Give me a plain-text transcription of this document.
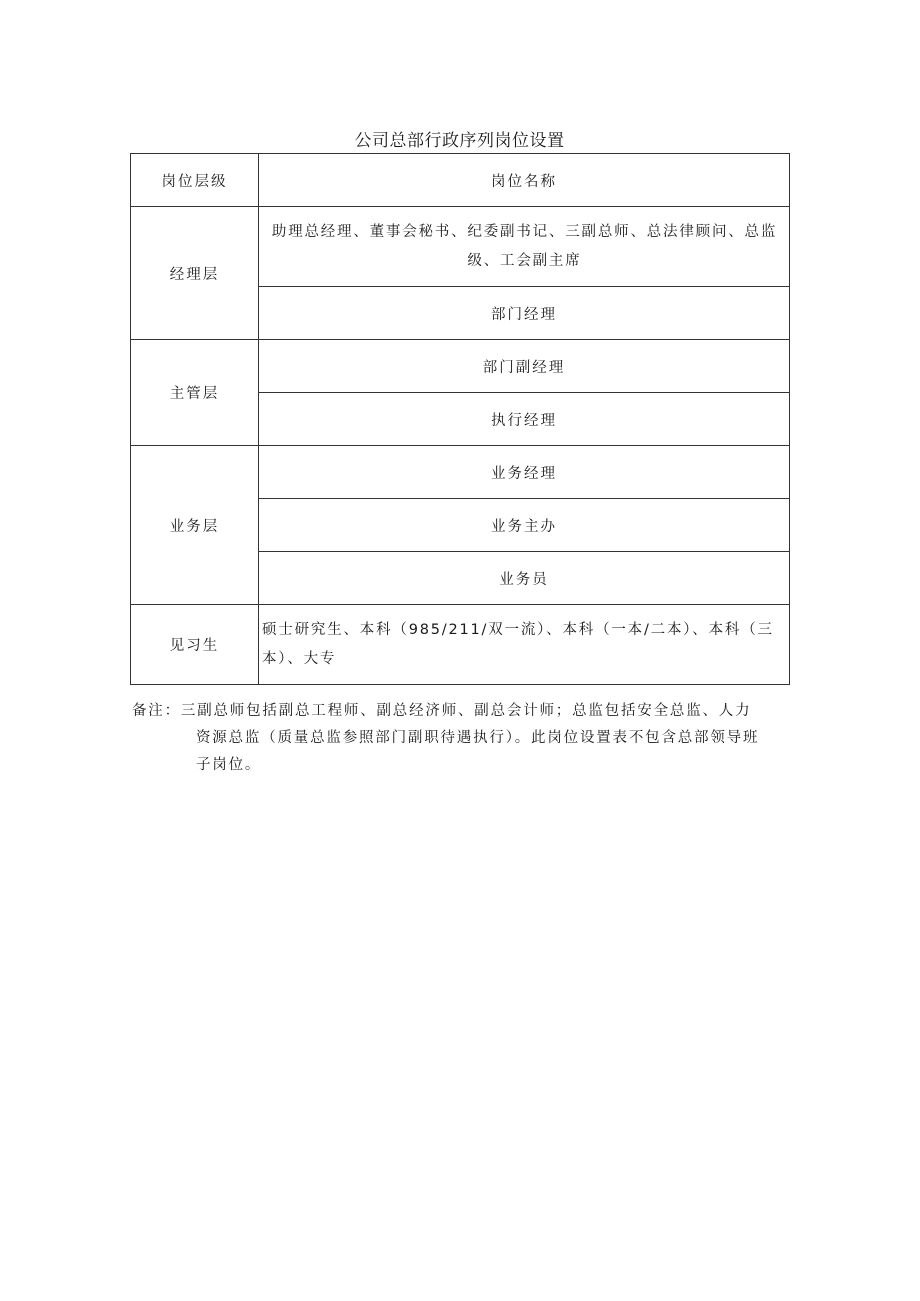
公司总部行政序列岗位设置
岗位层级	岗位名称
经理层	助理总经理、董事会秘书、纪委副书记、三副总师、总法律顾问、总监级、工会副主席
	部门经理
主管层	部门副经理
	执行经理
业务层	业务经理
	业务主办
	业务员
见习生	硕士研究生、本科（985/211/双一流）、本科（一本/二本）、本科（三本）、大专
备注：三副总师包括副总工程师、副总经济师、副总会计师；总监包括安全总监、人力
资源总监（质量总监参照部门副职待遇执行）。此岗位设置表不包含总部领导班
子岗位。
